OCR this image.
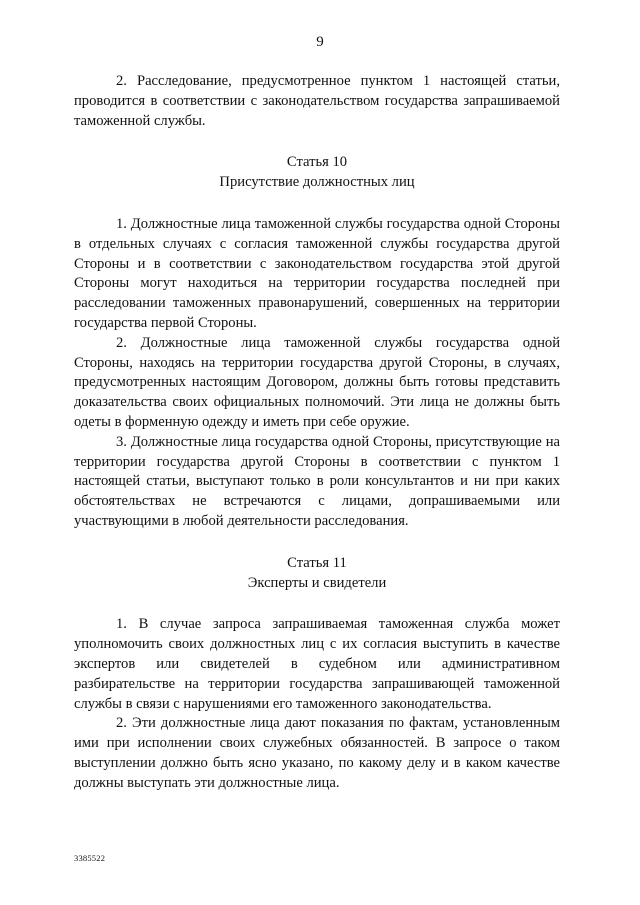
9

2. Расследование, предусмотренное пунктом 1 настоящей статьи, проводится в соответствии с законодательством государства запрашиваемой таможенной службы.

Статья 10

Присутствие должностных лиц

1. Должностные лица таможенной службы государства одной Стороны в отдельных случаях с согласия таможенной службы государства другой Стороны и в соответствии с законодательством государства этой другой Стороны могут находиться на территории государства последней при расследовании таможенных правонарушений, совершенных на территории государства первой Стороны.

2. Должностные лица таможенной службы государства одной Стороны, находясь на территории государства другой Стороны, в случаях, предусмотренных настоящим Договором, должны быть готовы представить доказательства своих официальных полномочий. Эти лица не должны быть одеты в форменную одежду и иметь при себе оружие.

3. Должностные лица государства одной Стороны, присутствующие на территории государства другой Стороны в соответствии с пунктом 1 настоящей статьи, выступают только в роли консультантов и ни при каких обстоятельствах не встречаются с лицами, допрашиваемыми или участвующими в любой деятельности расследования.

Статья 11

Эксперты и свидетели

1. В случае запроса запрашиваемая таможенная служба может уполномочить своих должностных лиц с их согласия выступить в качестве экспертов или свидетелей в судебном или административном разбирательстве на территории государства запрашивающей таможенной службы в связи с нарушениями его таможенного законодательства.

2. Эти должностные лица дают показания по фактам, установленным ими при исполнении своих служебных обязанностей. В запросе о таком выступлении должно быть ясно указано, по какому делу и в каком качестве должны выступать эти должностные лица.

3385522
